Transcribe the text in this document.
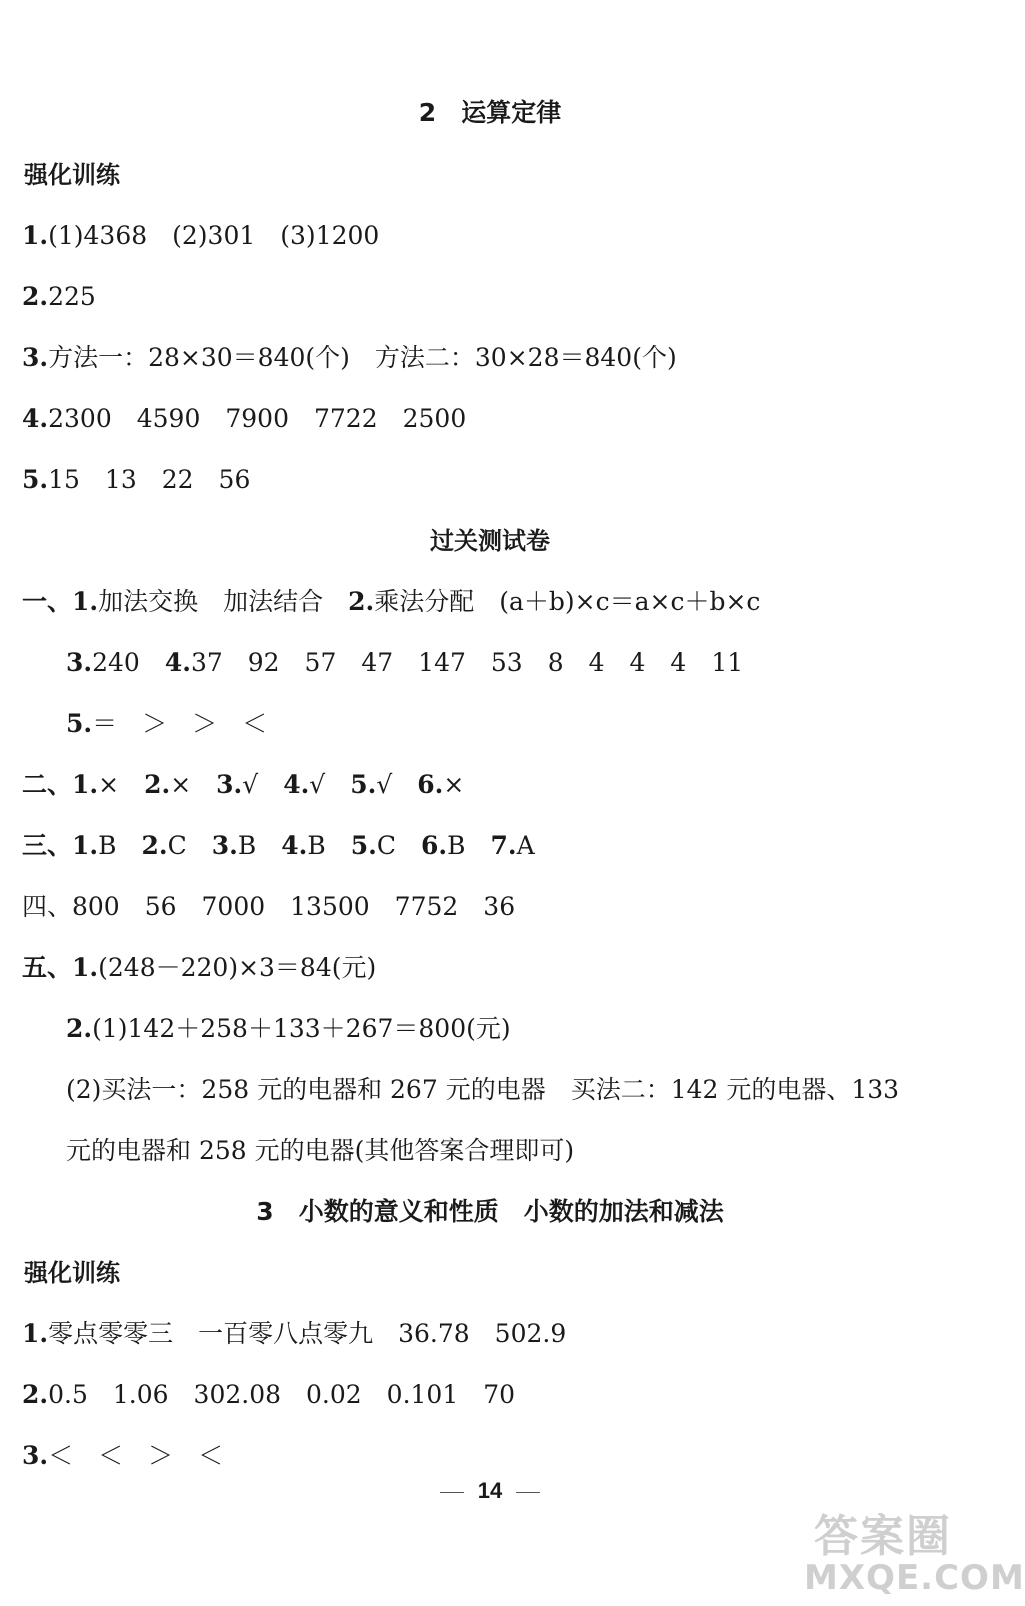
2　运算定律
强化训练
1.(1)4368　(2)301　(3)1200
2.225
3.方法一：28×30＝840(个)　方法二：30×28＝840(个)
4.2300　4590　7900　7722　2500
5.15　13　22　56
过关测试卷
一、1.加法交换　加法结合　2.乘法分配　(a＋b)×c＝a×c＋b×c
3.240　4.37　92　57　47　147　53　8　4　4　4　11
5.＝　＞　＞　＜
二、1.×　2.×　3.√　4.√　5.√　6.×
三、1.B　2.C　3.B　4.B　5.C　6.B　7.A
四、800　56　7000　13500　7752　36
五、1.(248－220)×3＝84(元)
2.(1)142＋258＋133＋267＝800(元)
(2)买法一：258 元的电器和 267 元的电器　买法二：142 元的电器、133
元的电器和 258 元的电器(其他答案合理即可)
3　小数的意义和性质　小数的加法和减法
强化训练
1.零点零零三　一百零八点零九　36.78　502.9
2.0.5　1.06　302.08　0.02　0.101　70
3.＜　＜　＞　＜
14
答案圈
MXQE.COM
